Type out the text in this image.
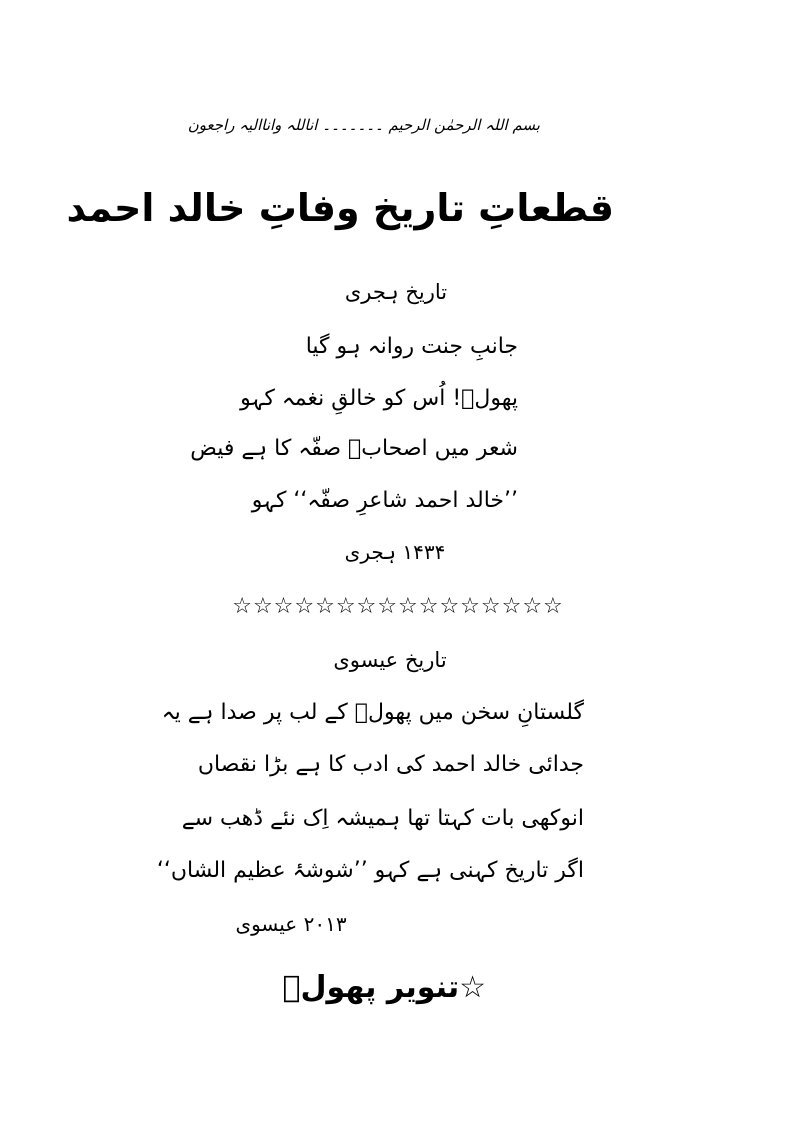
بسم اللہ الرحمٰن الرحیم ۔۔۔۔۔۔۔ اناللہ واناالیہ راجعون
قطعاتِ تاریخ وفاتِ خالد احمد
تاریخ ہجری
جانبِ جنت روانہ ہو گیا
پھولؔ! اُس کو خالقِ نغمہ کہو
شعر میں اصحابؓ صفّہ کا ہے فیض
’’خالد احمد شاعرِ صفّہ‘‘ کہو
۱۴۳۴ ہجری
☆☆☆☆☆☆☆☆☆☆☆☆☆☆☆☆
تاریخ عیسوی
گلستانِ سخن میں پھولؔ کے لب پر صدا ہے یہ
جدائی خالد احمد کی ادب کا ہے بڑا نقصاں
انوکھی بات کہتا تھا ہمیشہ اِک نئے ڈھب سے
اگر تاریخ کہنی ہے کہو ’’شوشۂ عظیم الشاں‘‘
۲۰۱۳ عیسوی
☆تنویر پھولؔ
